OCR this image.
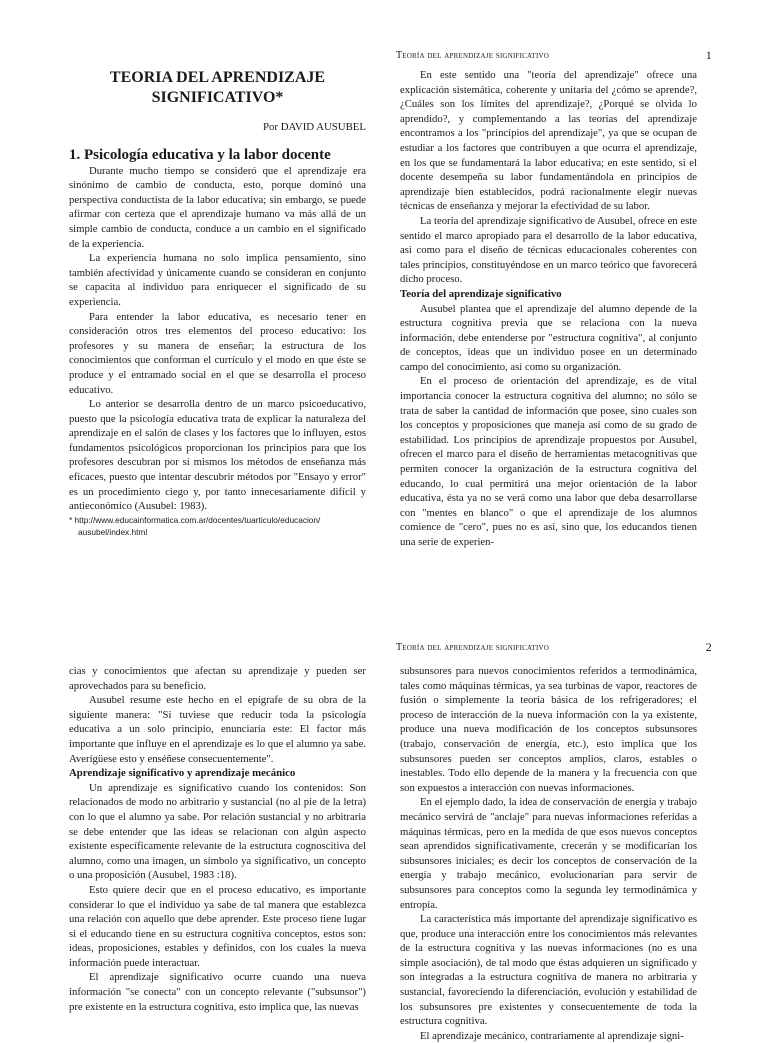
Teoría del aprendizaje significativo	1
TEORIA DEL APRENDIZAJE
SIGNIFICATIVO*
Por DAVID AUSUBEL

1. Psicología educativa y la labor docente

Durante mucho tiempo se consideró que el aprendizaje era sinónimo de cambio de conducta, esto, porque dominó una perspectiva conductista de la labor educativa; sin embargo, se puede afirmar con certeza que el aprendizaje humano va más allá de un simple cambio de conducta, conduce a un cambio en el significado de la experiencia.

La experiencia humana no solo implica pensamiento, sino también afectividad y únicamente cuando se consideran en conjunto se capacita al individuo para enriquecer el significado de su experiencia.

Para entender la labor educativa, es necesario tener en consideración otros tres elementos del proceso educativo: los profesores y su manera de enseñar; la estructura de los conocimientos que conforman el currículo y el modo en que éste se produce y el entramado social en el que se desarrolla el proceso educativo.

Lo anterior se desarrolla dentro de un marco psicoeducativo, puesto que la psicología educativa trata de explicar la naturaleza del aprendizaje en el salón de clases y los factores que lo influyen, estos fundamentos psicológicos proporcionan los principios para que los profesores descubran por sí mismos los métodos de enseñanza más eficaces, puesto que intentar descubrir métodos por "Ensayo y error" es un procedimiento ciego y, por tanto innecesariamente difícil y antieconómico (Ausubel: 1983).

* http://www.educainformatica.com.ar/docentes/tuarticulo/educacion/
ausubel/index.html

En este sentido una "teoría del aprendizaje" ofrece una explicación sistemática, coherente y unitaria del ¿cómo se aprende?, ¿Cuáles son los límites del aprendizaje?, ¿Porqué se olvida lo aprendido?, y complementando a las teorías del aprendizaje encontramos a los "principios del aprendizaje", ya que se ocupan de estudiar a los factores que contribuyen a que ocurra el aprendizaje, en los que se fundamentará la labor educativa; en este sentido, si el docente desempeña su labor fundamentándola en principios de aprendizaje bien establecidos, podrá racionalmente elegir nuevas técnicas de enseñanza y mejorar la efectividad de su labor.

La teoría del aprendizaje significativo de Ausubel, ofrece en este sentido el marco apropiado para el desarrollo de la labor educativa, así como para el diseño de técnicas educacionales coherentes con tales principios, constituyéndose en un marco teórico que favorecerá dicho proceso.

Teoría del aprendizaje significativo

Ausubel plantea que el aprendizaje del alumno depende de la estructura cognitiva previa que se relaciona con la nueva información, debe entenderse por "estructura cognitiva", al conjunto de conceptos, ideas que un individuo posee en un determinado campo del conocimiento, así como su organización.

En el proceso de orientación del aprendizaje, es de vital importancia conocer la estructura cognitiva del alumno; no sólo se trata de saber la cantidad de información que posee, sino cuales son los conceptos y proposiciones que maneja así como de su grado de estabilidad. Los principios de aprendizaje propuestos por Ausubel, ofrecen el marco para el diseño de herramientas metacognitivas que permiten conocer la organización de la estructura cognitiva del educando, lo cual permitirá una mejor orientación de la labor educativa, ésta ya no se verá como una labor que deba desarrollarse con "mentes en blanco" o que el aprendizaje de los alumnos comience de "cero", pues no es así, sino que, los educandos tienen una serie de experien-

Teoría del aprendizaje significativo	2

cias y conocimientos que afectan su aprendizaje y pueden ser aprovechados para su beneficio.

Ausubel resume este hecho en el epígrafe de su obra de la siguiente manera: "Si tuviese que reducir toda la psicología educativa a un solo principio, enunciaría este: El factor más importante que influye en el aprendizaje es lo que el alumno ya sabe. Averígüese esto y enséñese consecuentemente".

Aprendizaje significativo y aprendizaje mecánico

Un aprendizaje es significativo cuando los contenidos: Son relacionados de modo no arbitrario y sustancial (no al pie de la letra) con lo que el alumno ya sabe. Por relación sustancial y no arbitraria se debe entender que las ideas se relacionan con algún aspecto existente específicamente relevante de la estructura cognoscitiva del alumno, como una imagen, un símbolo ya significativo, un concepto o una proposición (Ausubel, 1983 :18).

Esto quiere decir que en el proceso educativo, es importante considerar lo que el individuo ya sabe de tal manera que establezca una relación con aquello que debe aprender. Este proceso tiene lugar si el educando tiene en su estructura cognitiva conceptos, estos son: ideas, proposiciones, estables y definidos, con los cuales la nueva información puede interactuar.

El aprendizaje significativo ocurre cuando una nueva información "se conecta" con un concepto relevante ("subsunsor") pre existente en la estructura cognitiva, esto implica que, las nuevas

subsunsores para nuevos conocimientos referidos a termodinámica, tales como máquinas térmicas, ya sea turbinas de vapor, reactores de fusión o simplemente la teoría básica de los refrigeradores; el proceso de interacción de la nueva información con la ya existente, produce una nueva modificación de los conceptos subsunsores (trabajo, conservación de energía, etc.), esto implica que los subsunsores pueden ser conceptos amplios, claros, estables o inestables. Todo ello depende de la manera y la frecuencia con que son expuestos a interacción con nuevas informaciones.

En el ejemplo dado, la idea de conservación de energía y trabajo mecánico servirá de "anclaje" para nuevas informaciones referidas a máquinas térmicas, pero en la medida de que esos nuevos conceptos sean aprendidos significativamente, crecerán y se modificarían los subsunsores iniciales; es decir los conceptos de conservación de la energía y trabajo mecánico, evolucionarían para servir de subsunsores para conceptos como la segunda ley termodinámica y entropía.

La característica más importante del aprendizaje significativo es que, produce una interacción entre los conocimientos más relevantes de la estructura cognitiva y las nuevas informaciones (no es una simple asociación), de tal modo que éstas adquieren un significado y son integradas a la estructura cognitiva de manera no arbitraria y sustancial, favoreciendo la diferenciación, evolución y estabilidad de los subsunsores pre existentes y consecuentemente de toda la estructura cognitiva.

El aprendizaje mecánico, contrariamente al aprendizaje signi-
